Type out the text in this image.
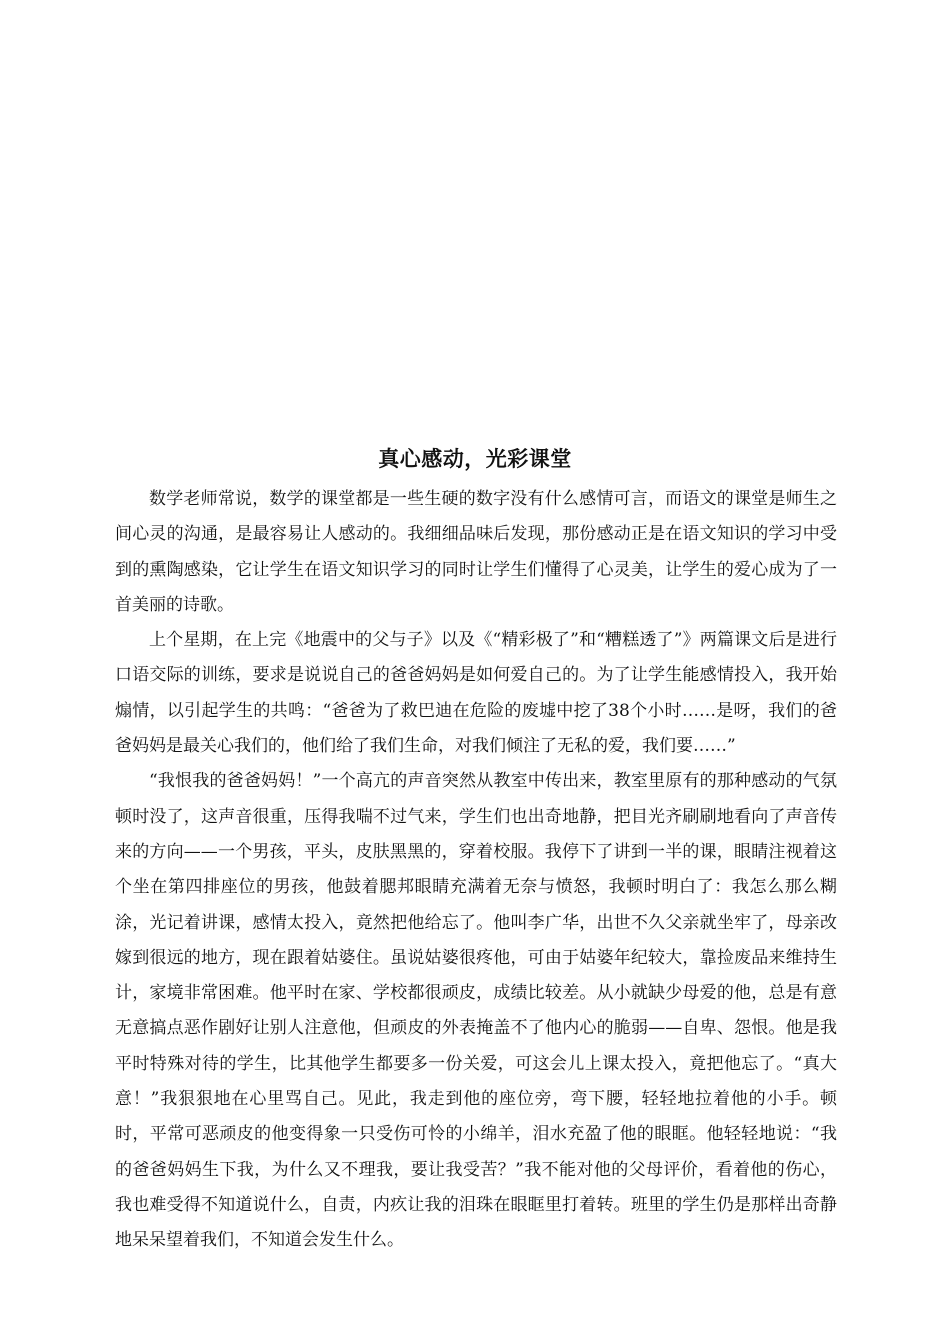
真心感动，光彩课堂

数学老师常说，数学的课堂都是一些生硬的数字没有什么感情可言，而语文的课堂是师生之间心灵的沟通，是最容易让人感动的。我细细品味后发现，那份感动正是在语文知识的学习中受到的熏陶感染，它让学生在语文知识学习的同时让学生们懂得了心灵美，让学生的爱心成为了一首美丽的诗歌。

上个星期，在上完《地震中的父与子》以及《“精彩极了”和“糟糕透了”》两篇课文后是进行口语交际的训练，要求是说说自己的爸爸妈妈是如何爱自己的。为了让学生能感情投入，我开始煽情，以引起学生的共鸣：“爸爸为了救巴迪在危险的废墟中挖了38个小时……是呀，我们的爸爸妈妈是最关心我们的，他们给了我们生命，对我们倾注了无私的爱，我们要……”

“我恨我的爸爸妈妈！”一个高亢的声音突然从教室中传出来，教室里原有的那种感动的气氛顿时没了，这声音很重，压得我喘不过气来，学生们也出奇地静，把目光齐刷刷地看向了声音传来的方向——一个男孩，平头，皮肤黑黑的，穿着校服。我停下了讲到一半的课，眼睛注视着这个坐在第四排座位的男孩，他鼓着腮邦眼睛充满着无奈与愤怒，我顿时明白了：我怎么那么糊涂，光记着讲课，感情太投入，竟然把他给忘了。他叫李广华，出世不久父亲就坐牢了，母亲改嫁到很远的地方，现在跟着姑婆住。虽说姑婆很疼他，可由于姑婆年纪较大，靠捡废品来维持生计，家境非常困难。他平时在家、学校都很顽皮，成绩比较差。从小就缺少母爱的他，总是有意无意搞点恶作剧好让别人注意他，但顽皮的外表掩盖不了他内心的脆弱——自卑、怨恨。他是我平时特殊对待的学生，比其他学生都要多一份关爱，可这会儿上课太投入，竟把他忘了。“真大意！”我狠狠地在心里骂自己。见此，我走到他的座位旁，弯下腰，轻轻地拉着他的小手。顿时，平常可恶顽皮的他变得象一只受伤可怜的小绵羊，泪水充盈了他的眼眶。他轻轻地说：“我的爸爸妈妈生下我，为什么又不理我，要让我受苦？”我不能对他的父母评价，看着他的伤心，我也难受得不知道说什么，自责，内疚让我的泪珠在眼眶里打着转。班里的学生仍是那样出奇静地呆呆望着我们，不知道会发生什么。
